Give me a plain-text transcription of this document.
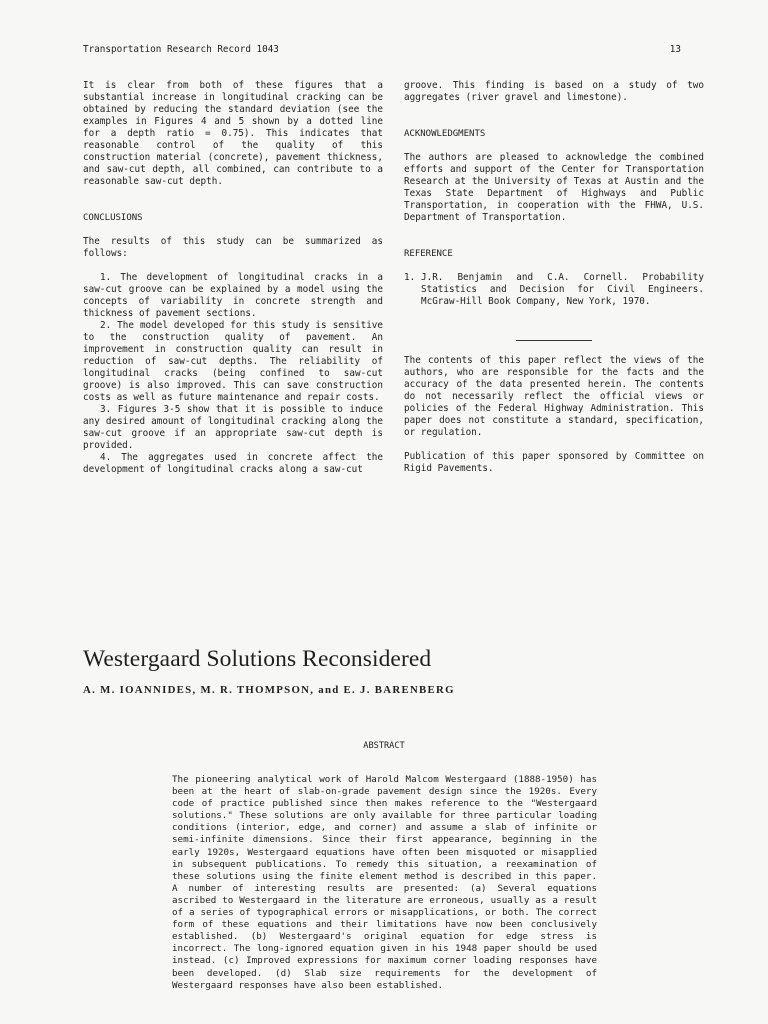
Transportation Research Record 1043	13

It is clear from both of these figures that a substantial increase in longitudinal cracking can be obtained by reducing the standard deviation (see the examples in Figures 4 and 5 shown by a dotted line for a depth ratio = 0.75). This indicates that reasonable control of the quality of this construction material (concrete), pavement thickness, and saw-cut depth, all combined, can contribute to a reasonable saw-cut depth.

CONCLUSIONS

The results of this study can be summarized as follows:

1. The development of longitudinal cracks in a saw-cut groove can be explained by a model using the concepts of variability in concrete strength and thickness of pavement sections.

2. The model developed for this study is sensitive to the construction quality of pavement. An improvement in construction quality can result in reduction of saw-cut depths. The reliability of longitudinal cracks (being confined to saw-cut groove) is also improved. This can save construction costs as well as future maintenance and repair costs.

3. Figures 3-5 show that it is possible to induce any desired amount of longitudinal cracking along the saw-cut groove if an appropriate saw-cut depth is provided.

4. The aggregates used in concrete affect the development of longitudinal cracks along a saw-cut

groove. This finding is based on a study of two aggregates (river gravel and limestone).

ACKNOWLEDGMENTS

The authors are pleased to acknowledge the combined efforts and support of the Center for Transportation Research at the University of Texas at Austin and the Texas State Department of Highways and Public Transportation, in cooperation with the FHWA, U.S. Department of Transportation.

REFERENCE

1. J.R. Benjamin and C.A. Cornell. Probability Statistics and Decision for Civil Engineers. McGraw-Hill Book Company, New York, 1970.

The contents of this paper reflect the views of the authors, who are responsible for the facts and the accuracy of the data presented herein. The contents do not necessarily reflect the official views or policies of the Federal Highway Administration. This paper does not constitute a standard, specification, or regulation.

Publication of this paper sponsored by Committee on Rigid Pavements.

Westergaard Solutions Reconsidered

A. M. IOANNIDES, M. R. THOMPSON, and E. J. BARENBERG

ABSTRACT

The pioneering analytical work of Harold Malcom Westergaard (1888-1950) has been at the heart of slab-on-grade pavement design since the 1920s. Every code of practice published since then makes reference to the "Westergaard solutions." These solutions are only available for three particular loading conditions (interior, edge, and corner) and assume a slab of infinite or semi-infinite dimensions. Since their first appearance, beginning in the early 1920s, Westergaard equations have often been misquoted or misapplied in subsequent publications. To remedy this situation, a reexamination of these solutions using the finite element method is described in this paper. A number of interesting results are presented: (a) Several equations ascribed to Westergaard in the literature are erroneous, usually as a result of a series of typographical errors or misapplications, or both. The correct form of these equations and their limitations have now been conclusively established. (b) Westergaard's original equation for edge stress is incorrect. The long-ignored equation given in his 1948 paper should be used instead. (c) Improved expressions for maximum corner loading responses have been developed. (d) Slab size requirements for the development of Westergaard responses have also been established.
